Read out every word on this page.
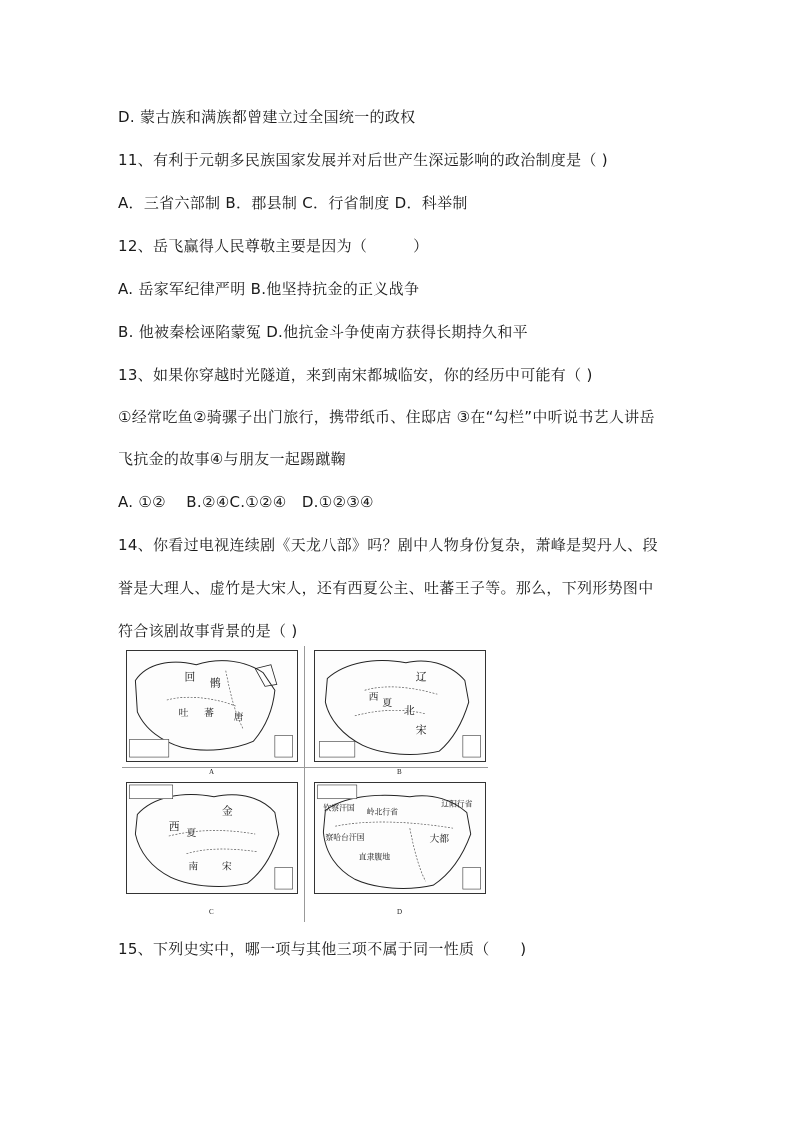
D. 蒙古族和满族都曾建立过全国统一的政权
11、有利于元朝多民族国家发展并对后世产生深远影响的政治制度是（ )
A．三省六部制 B．郡县制 C．行省制度 D．科举制
12、岳飞赢得人民尊敬主要是因为（　　　）
A. 岳家军纪律严明 B.他坚持抗金的正义战争
B. 他被秦桧诬陷蒙冤 D.他抗金斗争使南方获得长期持久和平
13、如果你穿越时光隧道，来到南宋都城临安，你的经历中可能有（ )
①经常吃鱼②骑骡子出门旅行，携带纸币、住邸店 ③在“勾栏”中听说书艺人讲岳
飞抗金的故事④与朋友一起踢蹴鞠
A. ①②　 B.②④C.①②④　D.①②③④
14、你看过电视连续剧《天龙八部》吗？剧中人物身份复杂，萧峰是契丹人、段
誉是大理人、虚竹是大宋人，还有西夏公主、吐蕃王子等。那么，下列形势图中
符合该剧故事背景的是（ )
15、下列史实中，哪一项与其他三项不属于同一性质（　　)
回 鹘
吐 蕃 唐
A
辽
西
夏
北
宋
B
金
西
夏
南 宋
C
钦察汗国 岭北行省
辽阳行省
察哈台汗国	大都
直隶腹地
D
